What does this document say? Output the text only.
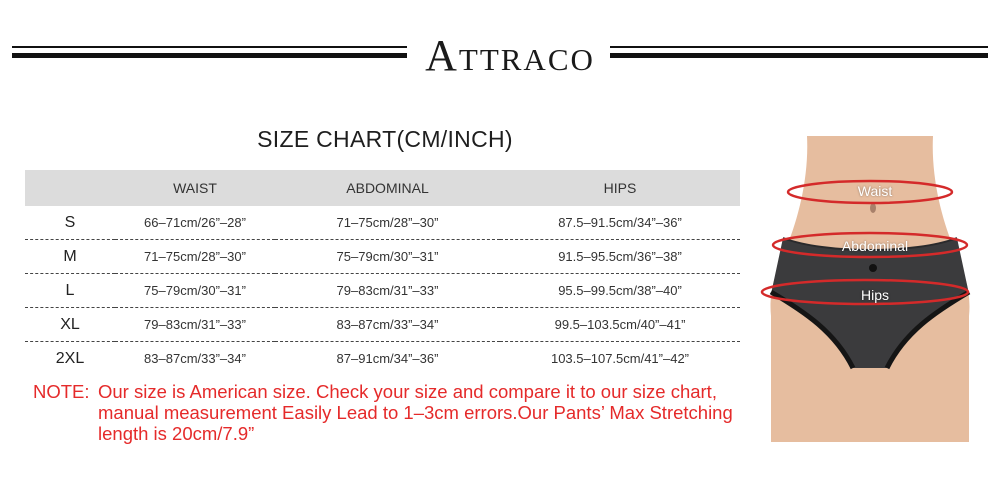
Attraco
SIZE CHART(CM/INCH)
	WAIST	ABDOMINAL	HIPS
S	66–71cm/26”–28”	71–75cm/28”–30”	87.5–91.5cm/34”–36”
M	71–75cm/28”–30”	75–79cm/30”–31”	91.5–95.5cm/36”–38”
L	75–79cm/30”–31”	79–83cm/31”–33”	95.5–99.5cm/38”–40”
XL	79–83cm/31”–33”	83–87cm/33”–34”	99.5–103.5cm/40”–41”
2XL	83–87cm/33”–34”	87–91cm/34”–36”	103.5–107.5cm/41”–42”
NOTE: Our size is American size. Check your size and compare it to our size chart, manual measurement Easily Lead to 1–3cm errors.Our Pants’ Max Stretching length is 20cm/7.9”
Waist
Abdominal
Hips
